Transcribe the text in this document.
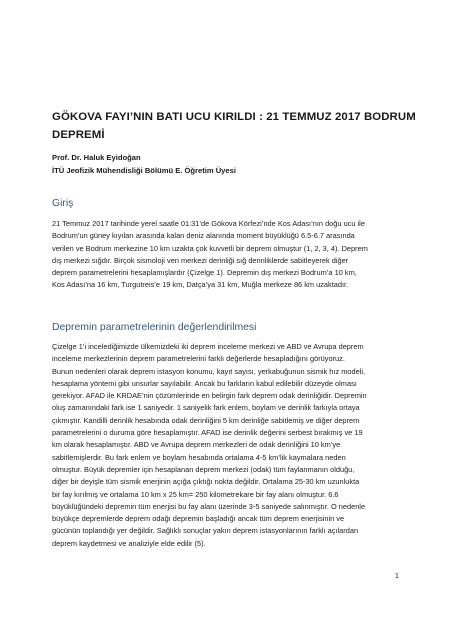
GÖKOVA FAYI’NIN BATI UCU KIRILDI : 21 TEMMUZ 2017 BODRUM
DEPREMİ
Prof. Dr. Haluk Eyidoğan
İTÜ Jeofizik Mühendisliği Bölümü E. Öğretim Üyesi
Giriş
21 Temmuz 2017 tarihinde yerel saatle 01:31’de Gökova Körfezi’nde Kos Adası’nın doğu ucu ile
Bodrum’un güney kıyıları arasında kalan deniz alanında moment büyüklüğü 6.5-6.7 arasında
verilen ve Bodrum merkezine 10 km uzakta çok kuvvetli bir deprem olmuştur (1, 2, 3, 4). Deprem
dış merkezi sığdır. Birçok sismoloji veri merkezi derinliği sığ derinliklerde sabitleyerek diğer
deprem parametrelerini hesaplamışlardır (Çizelge 1). Depremin dış merkezi Bodrum’a 10 km,
Kos Adası’na 16 km, Turgutreis’e 19 km, Datça’ya 31 km, Muğla merkeze 86 km uzaktadır.
Depremin parametrelerinin değerlendirilmesi
Çizelge 1’i incelediğimizde ülkemizdeki iki deprem inceleme merkezi ve ABD ve Avrupa deprem
inceleme merkezlerinin deprem parametrelerini farklı değerlerde hesapladığını görüyoruz.
Bunun nedenleri olarak deprem istasyon konumu, kayıt sayısı, yerkabuğunun sismik hız modeli,
hesaplama yöntemi gibi unsurlar sayılabilir. Ancak bu farkların kabul edilebilir düzeyde olması
gerekiyor. AFAD ile KRDAE’nin çözümlerinde en belirgin fark deprem odak derinliğidir. Depremin
oluş zamanındaki fark ise 1 saniyedir. 1 saniyelik fark enlem, boylam ve derinlik farkıyla ortaya
çıkmıştır. Kandilli derinlik hesabında odak derinliğini 5 km derinliğe sabitlemiş ve diğer deprem
parametrelerini o duruma göre hesaplamıştır. AFAD ise derinlik değerini serbest bırakmış ve 19
km olarak hesaplamıştır. ABD ve Avrupa deprem merkezleri de odak derinliğini 10 km’ye
sabitlemişlerdir. Bu fark enlem ve boylam hesabında ortalama 4-5 km’lik kaymalara neden
olmuştur. Büyük depremler için hesaplanan deprem merkezi (odak) tüm faylanmanın olduğu,
diğer bir deyişle tüm sismik enerjinin açığa çıktığı nokta değildir. Ortalama 25-30 km uzunlukta
bir fay kırılmış ve ortalama 10 km x 25 km= 250 kilometrekare bir fay alanı olmuştur. 6.6
büyüklüğündeki depremin tüm enerjisi bu fay alanı üzerinde 3-5 saniyede salınmıştır. O nedenle
büyükçe depremlerde deprem odağı depremin başladığı ancak tüm deprem enerjisinin ve
gücünün toplandığı yer değildir. Sağlıklı sonuçlar yakın deprem istasyonlarının farklı açılardan
deprem kaydetmesi ve analiziyle elde edilir (5).
1
